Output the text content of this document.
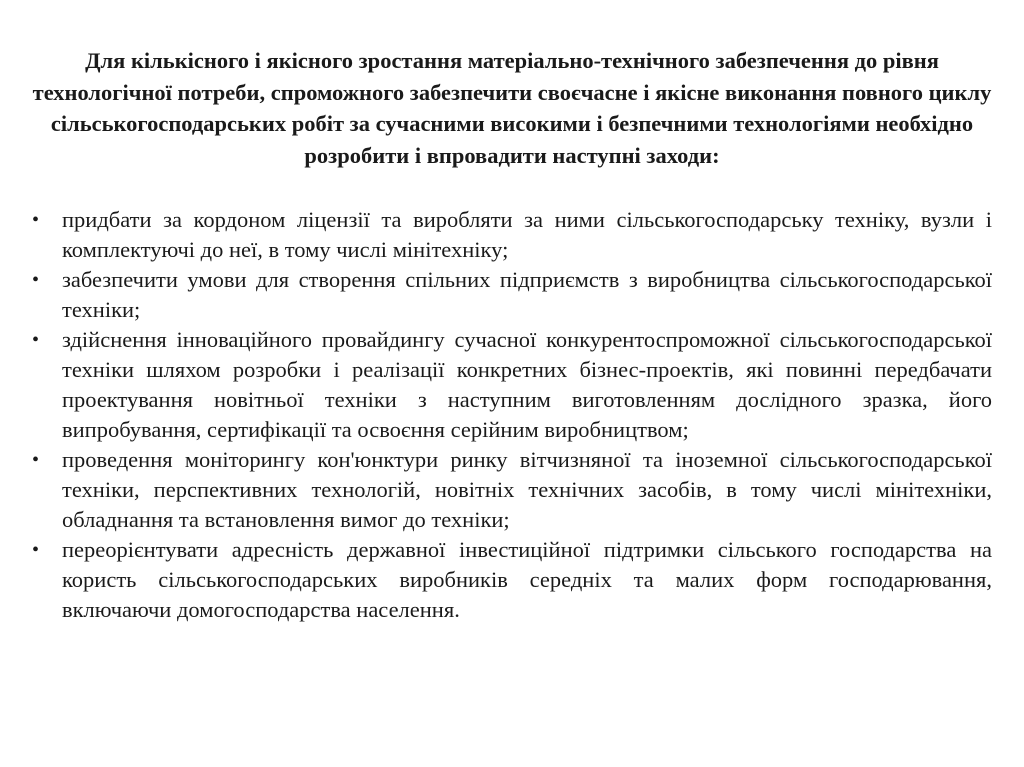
Для кількісного і якісного зростання матеріально-технічного забезпечення до рівня технологічної потреби, спроможного забезпечити своєчасне і якісне виконання повного циклу сільськогосподарських робіт за сучасними високими і безпечними технологіями необхідно розробити і впровадити наступні заходи:

•	придбати за кордоном ліцензії та виробляти за ними сільськогосподарську техніку, вузли і комплектуючі до неї, в тому числі мінітехніку;
•	забезпечити умови для створення спільних підприємств з виробництва сільськогосподарської техніки;
•	здійснення інноваційного провайдингу сучасної конкурентоспроможної сільськогосподарської техніки шляхом розробки і реалізації конкретних бізнес-проектів, які повинні передбачати проектування новітньої техніки з наступним виготовленням дослідного зразка, його випробування, сертифікації та освоєння серійним виробництвом;
•	проведення моніторингу кон'юнктури ринку вітчизняної та іноземної сільськогосподарської техніки, перспективних технологій, новітніх технічних засобів, в тому числі мінітехніки, обладнання та встановлення вимог до техніки;
•	переорієнтувати адресність державної інвестиційної підтримки сільського господарства на користь сільськогосподарських виробників середніх та малих форм господарювання, включаючи домогосподарства населення.
